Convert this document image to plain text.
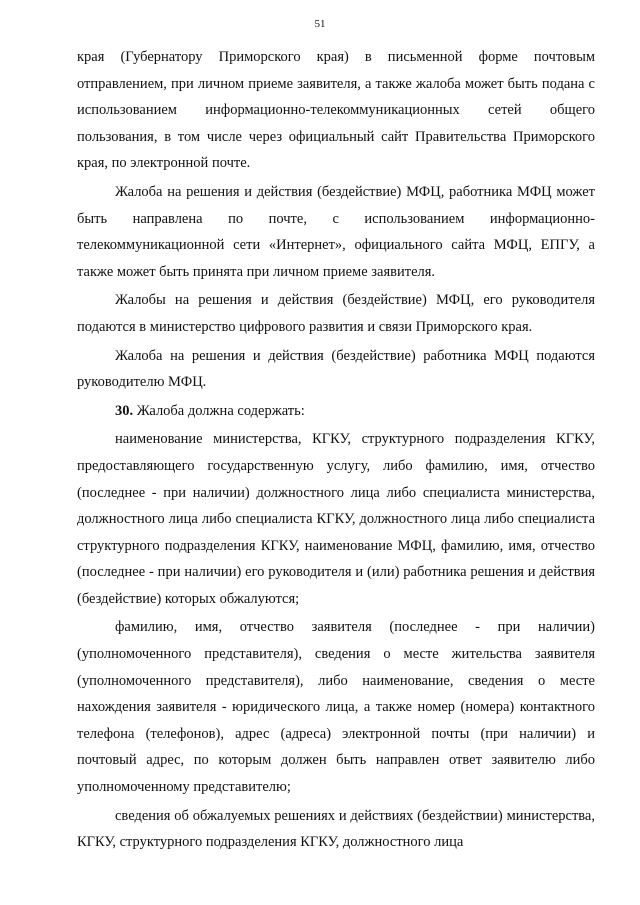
51

края (Губернатору Приморского края) в письменной форме почтовым отправлением, при личном приеме заявителя, а также жалоба может быть подана с использованием информационно-телекоммуникационных сетей общего пользования, в том числе через официальный сайт Правительства Приморского края, по электронной почте.

Жалоба на решения и действия (бездействие) МФЦ, работника МФЦ может быть направлена по почте, с использованием информационно-телекоммуникационной сети «Интернет», официального сайта МФЦ, ЕПГУ, а также может быть принята при личном приеме заявителя.

Жалобы на решения и действия (бездействие) МФЦ, его руководителя подаются в министерство цифрового развития и связи Приморского края.

Жалоба на решения и действия (бездействие) работника МФЦ подаются руководителю МФЦ.

30. Жалоба должна содержать:

наименование министерства, КГКУ, структурного подразделения КГКУ, предоставляющего государственную услугу, либо фамилию, имя, отчество (последнее - при наличии) должностного лица либо специалиста министерства, должностного лица либо специалиста КГКУ, должностного лица либо специалиста структурного подразделения КГКУ, наименование МФЦ, фамилию, имя, отчество (последнее - при наличии) его руководителя и (или) работника решения и действия (бездействие) которых обжалуются;

фамилию, имя, отчество заявителя (последнее - при наличии) (уполномоченного представителя), сведения о месте жительства заявителя (уполномоченного представителя), либо наименование, сведения о месте нахождения заявителя - юридического лица, а также номер (номера) контактного телефона (телефонов), адрес (адреса) электронной почты (при наличии) и почтовый адрес, по которым должен быть направлен ответ заявителю либо уполномоченному представителю;

сведения об обжалуемых решениях и действиях (бездействии) министерства, КГКУ, структурного подразделения КГКУ, должностного лица
